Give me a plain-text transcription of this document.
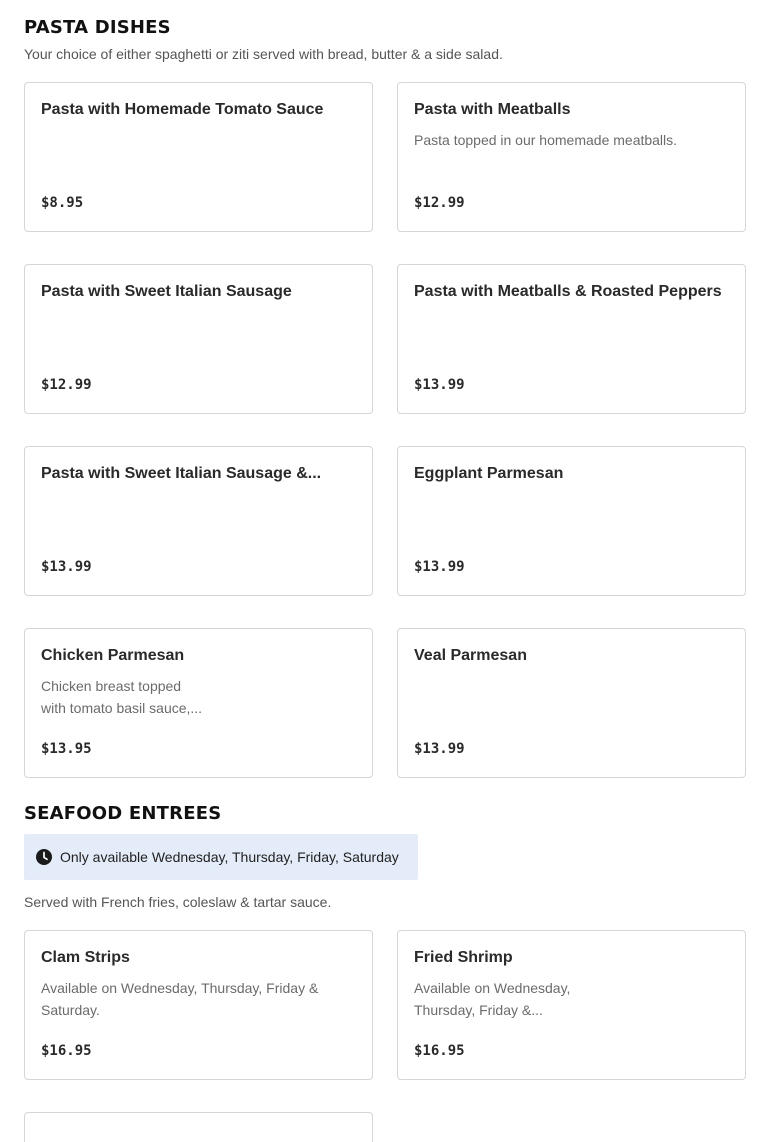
PASTA DISHES

Your choice of either spaghetti or ziti served with bread, butter & a side salad.

Pasta with Homemade Tomato Sauce
$8.95
Pasta with Meatballs
Pasta topped in our homemade meatballs.
$12.99
Pasta with Sweet Italian Sausage
$12.99
Pasta with Meatballs & Roasted Peppers
$13.99
Pasta with Sweet Italian Sausage &...
$13.99
Eggplant Parmesan
$13.99
Chicken Parmesan
Chicken breast topped
with tomato basil sauce,...
$13.95
Veal Parmesan
$13.99
SEAFOOD ENTREES
Only available Wednesday, Thursday, Friday, Saturday

Served with French fries, coleslaw & tartar sauce.

Clam Strips
Available on Wednesday, Thursday, Friday &
Saturday.
$16.95
Fried Shrimp
Available on Wednesday,
Thursday, Friday &...
$16.95
